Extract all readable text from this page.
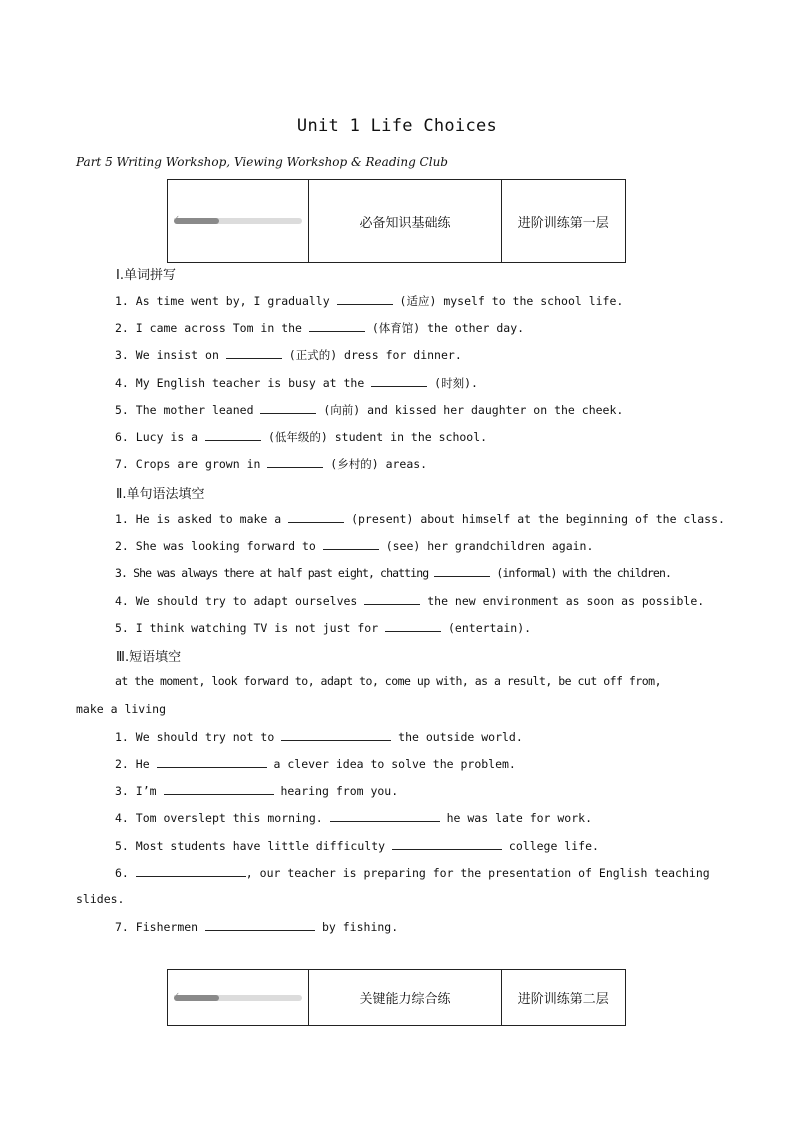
Unit 1 Life Choices
Part 5 Writing Workshop, Viewing Workshop & Reading Club
✓	必备知识基础练	进阶训练第一层
Ⅰ.单词拼写
1. As time went by, I gradually	(适应) myself to the school life.
2. I came across Tom in the	(体育馆) the other day.
3. We insist on	(正式的) dress for dinner.
4. My English teacher is busy at the	(时刻).
5. The mother leaned	(向前) and kissed her daughter on the cheek.
6. Lucy is a	(低年级的) student in the school.
7. Crops are grown in	(乡村的) areas.
Ⅱ.单句语法填空
1. He is asked to make a	(present) about himself at the beginning of the class.
2. She was looking forward to	(see) her grandchildren again.
3. She was always there at half past eight, chatting	(informal) with the children.
4. We should try to adapt ourselves	the new environment as soon as possible.
5. I think watching TV is not just for	(entertain).
Ⅲ.短语填空
at the moment, look forward to, adapt to, come up with, as a result, be cut off from,
make a living
1. We should try not to	the outside world.
2. He	a clever idea to solve the problem.
3. I’m	hearing from you.
4. Tom overslept this morning.	he was late for work.
5. Most students have little difficulty	college life.
6.	, our teacher is preparing for the presentation of English teaching
slides.
7. Fishermen	by fishing.
✓	关键能力综合练	进阶训练第二层
